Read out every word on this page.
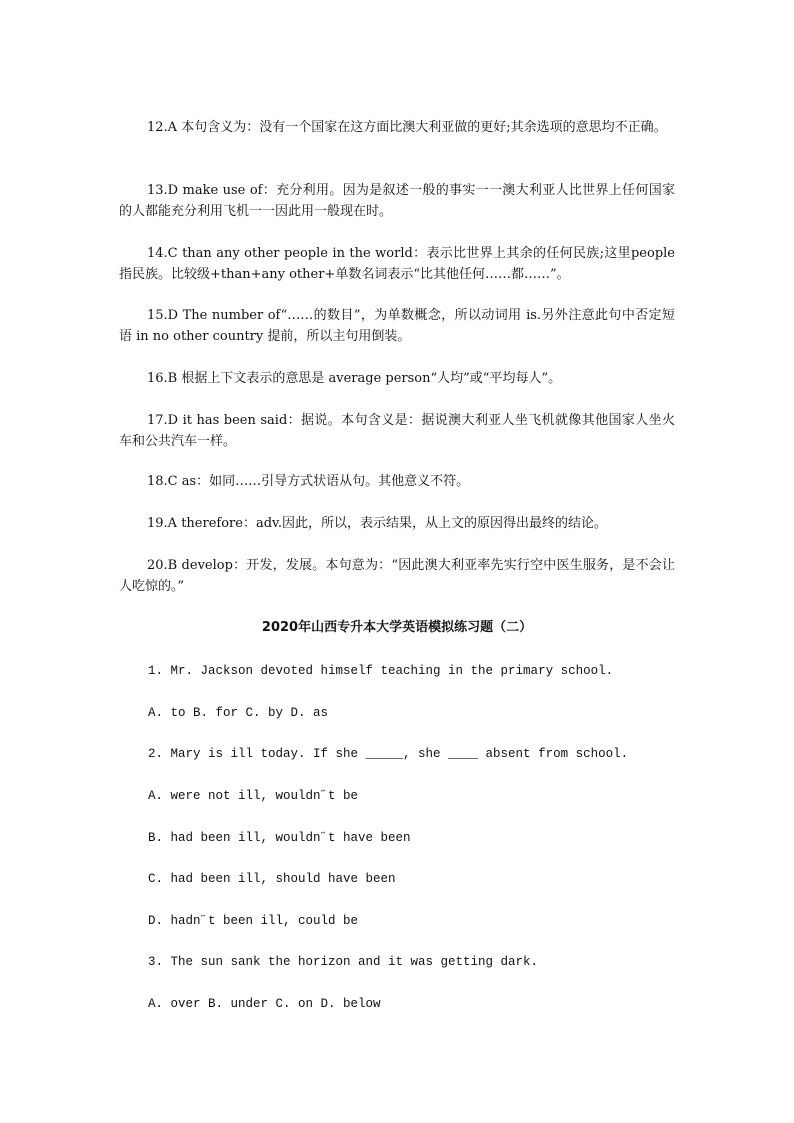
12.A 本句含义为：没有一个国家在这方面比澳大利亚做的更好;其余选项的意思均不正确。

13.D make use of：充分利用。因为是叙述一般的事实一一澳大利亚人比世界上任何国家的人都能充分利用飞机一一因此用一般现在时。

14.C than any other people in the world：表示比世界上其余的任何民族;这里people指民族。比较级+than+any other+单数名词表示“比其他任何……都……”。

15.D The number of“……的数目”，为单数概念，所以动词用 is.另外注意此句中否定短语 in no other country 提前，所以主句用倒装。

16.B 根据上下文表示的意思是 average person“人均”或“平均每人”。

17.D it has been said：据说。本句含义是：据说澳大利亚人坐飞机就像其他国家人坐火车和公共汽车一样。

18.C as：如同……引导方式状语从句。其他意义不符。

19.A therefore：adv.因此，所以，表示结果，从上文的原因得出最终的结论。

20.B develop：开发，发展。本句意为：“因此澳大利亚率先实行空中医生服务，是不会让人吃惊的。”

2020年山西专升本大学英语模拟练习题（二）

1. Mr. Jackson devoted himself teaching in the primary school.

A. to B. for C. by D. as

2. Mary is ill today. If she _____, she ____ absent from school.

A. were not ill, wouldn˝t be

B. had been ill, wouldn˝t have been

C. had been ill, should have been

D. hadn˝t been ill, could be

3. The sun sank the horizon and it was getting dark.

A. over B. under C. on D. below
